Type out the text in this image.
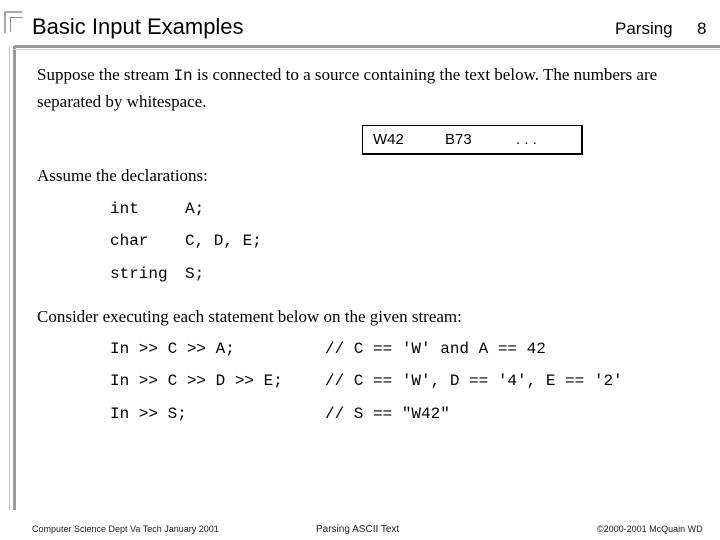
Basic Input Examples	Parsing 8
Suppose the stream In is connected to a source containing the text below. The numbers are separated by whitespace.
W42	B73	. . .
Assume the declarations:
int	A;
char C, D, E;
string S;
Consider executing each statement below on the given stream:
In >> C >> A;	// C == 'W' and A == 42
In >> C >> D >> E;	// C == 'W', D == '4', E == '2'
In >> S;	// S == "W42"
Computer Science Dept Va Tech January 2001	Parsing ASCII Text	©2000-2001 McQuain WD
